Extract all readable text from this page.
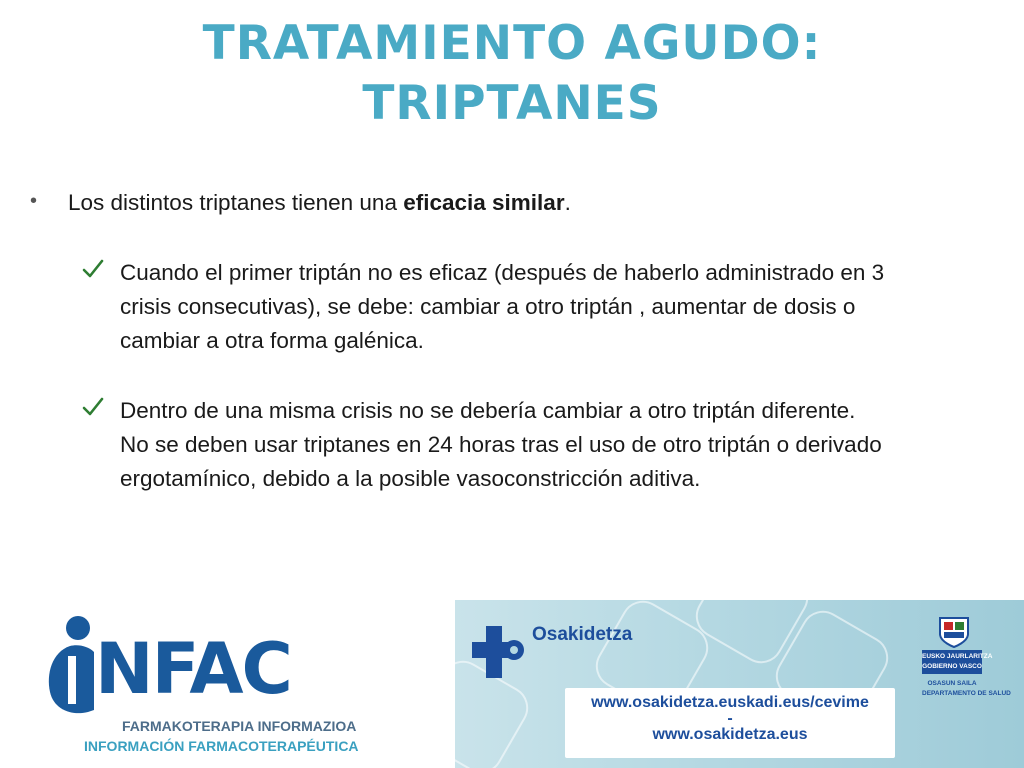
TRATAMIENTO AGUDO:
TRIPTANES
• Los distintos triptanes tienen una eficacia similar.
Cuando el primer triptán no es eficaz (después de haberlo administrado en 3
crisis consecutivas), se debe: cambiar a otro triptán , aumentar de dosis o
cambiar a otra forma galénica.
Dentro de una misma crisis no se debería cambiar a otro triptán diferente.
No se deben usar triptanes en 24 horas tras el uso de otro triptán o derivado
ergotamínico, debido a la posible vasoconstricción aditiva.
NFAC
FARMAKOTERAPIA INFORMAZIOA
INFORMACIÓN FARMACOTERAPÉUTICA
Osakidetza
www.osakidetza.euskadi.eus/cevime
-
www.osakidetza.eus
EUSKO JAURLARITZA
GOBIERNO VASCO
OSASUN SAILA
DEPARTAMENTO DE SALUD
